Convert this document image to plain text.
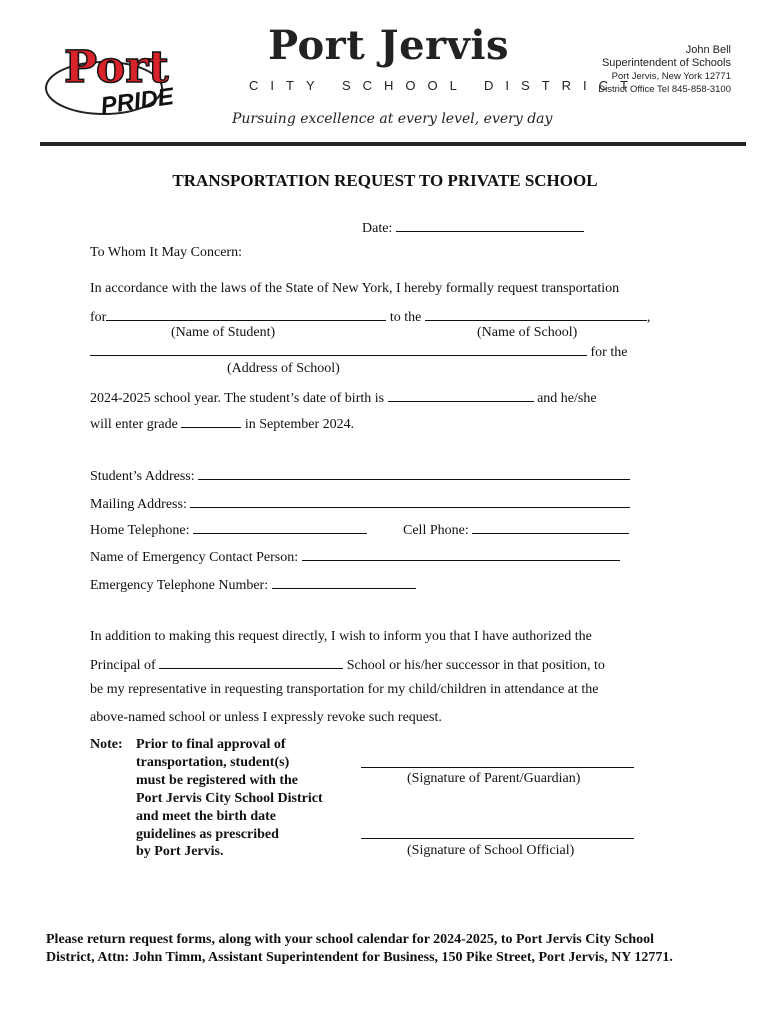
Port
PRIDE
Port Jervis
CITY SCHOOL DISTRICT
John Bell
Superintendent of Schools
Port Jervis, New York 12771
District Office Tel 845-858-3100
Pursuing excellence at every level, every day
TRANSPORTATION REQUEST TO PRIVATE SCHOOL
Date:
To Whom It May Concern:
In accordance with the laws of the State of New York, I hereby formally request transportation
for	to the	,
(Name of Student)	(Name of School)
for the
(Address of School)
2024-2025 school year. The student’s date of birth is	and he/she
will enter grade	in September 2024.
Student’s Address:
Mailing Address:
Home Telephone:	Cell Phone:
Name of Emergency Contact Person:
Emergency Telephone Number:
In addition to making this request directly, I wish to inform you that I have authorized the
Principal of	School or his/her successor in that position, to
be my representative in requesting transportation for my child/children in attendance at the
above-named school or unless I expressly revoke such request.
Note: Prior to final approval of
transportation, student(s)
must be registered with the
Port Jervis City School District
and meet the birth date
guidelines as prescribed
by Port Jervis.
(Signature of Parent/Guardian)
(Signature of School Official)
Please return request forms, along with your school calendar for 2024-2025, to Port Jervis City School
District, Attn: John Timm, Assistant Superintendent for Business, 150 Pike Street, Port Jervis, NY 12771.
